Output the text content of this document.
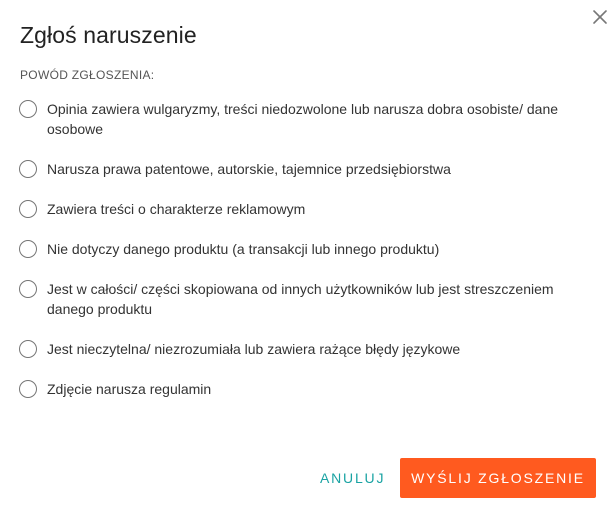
Zgłoś naruszenie
POWÓD ZGŁOSZENIA:
Opinia zawiera wulgaryzmy, treści niedozwolone lub narusza dobra osobiste/ dane osobowe
Narusza prawa patentowe, autorskie, tajemnice przedsiębiorstwa
Zawiera treści o charakterze reklamowym
Nie dotyczy danego produktu (a transakcji lub innego produktu)
Jest w całości/ części skopiowana od innych użytkowników lub jest streszczeniem danego produktu
Jest nieczytelna/ niezrozumiała lub zawiera rażące błędy językowe
Zdjęcie narusza regulamin
ANULUJ	WYŚLIJ ZGŁOSZENIE
